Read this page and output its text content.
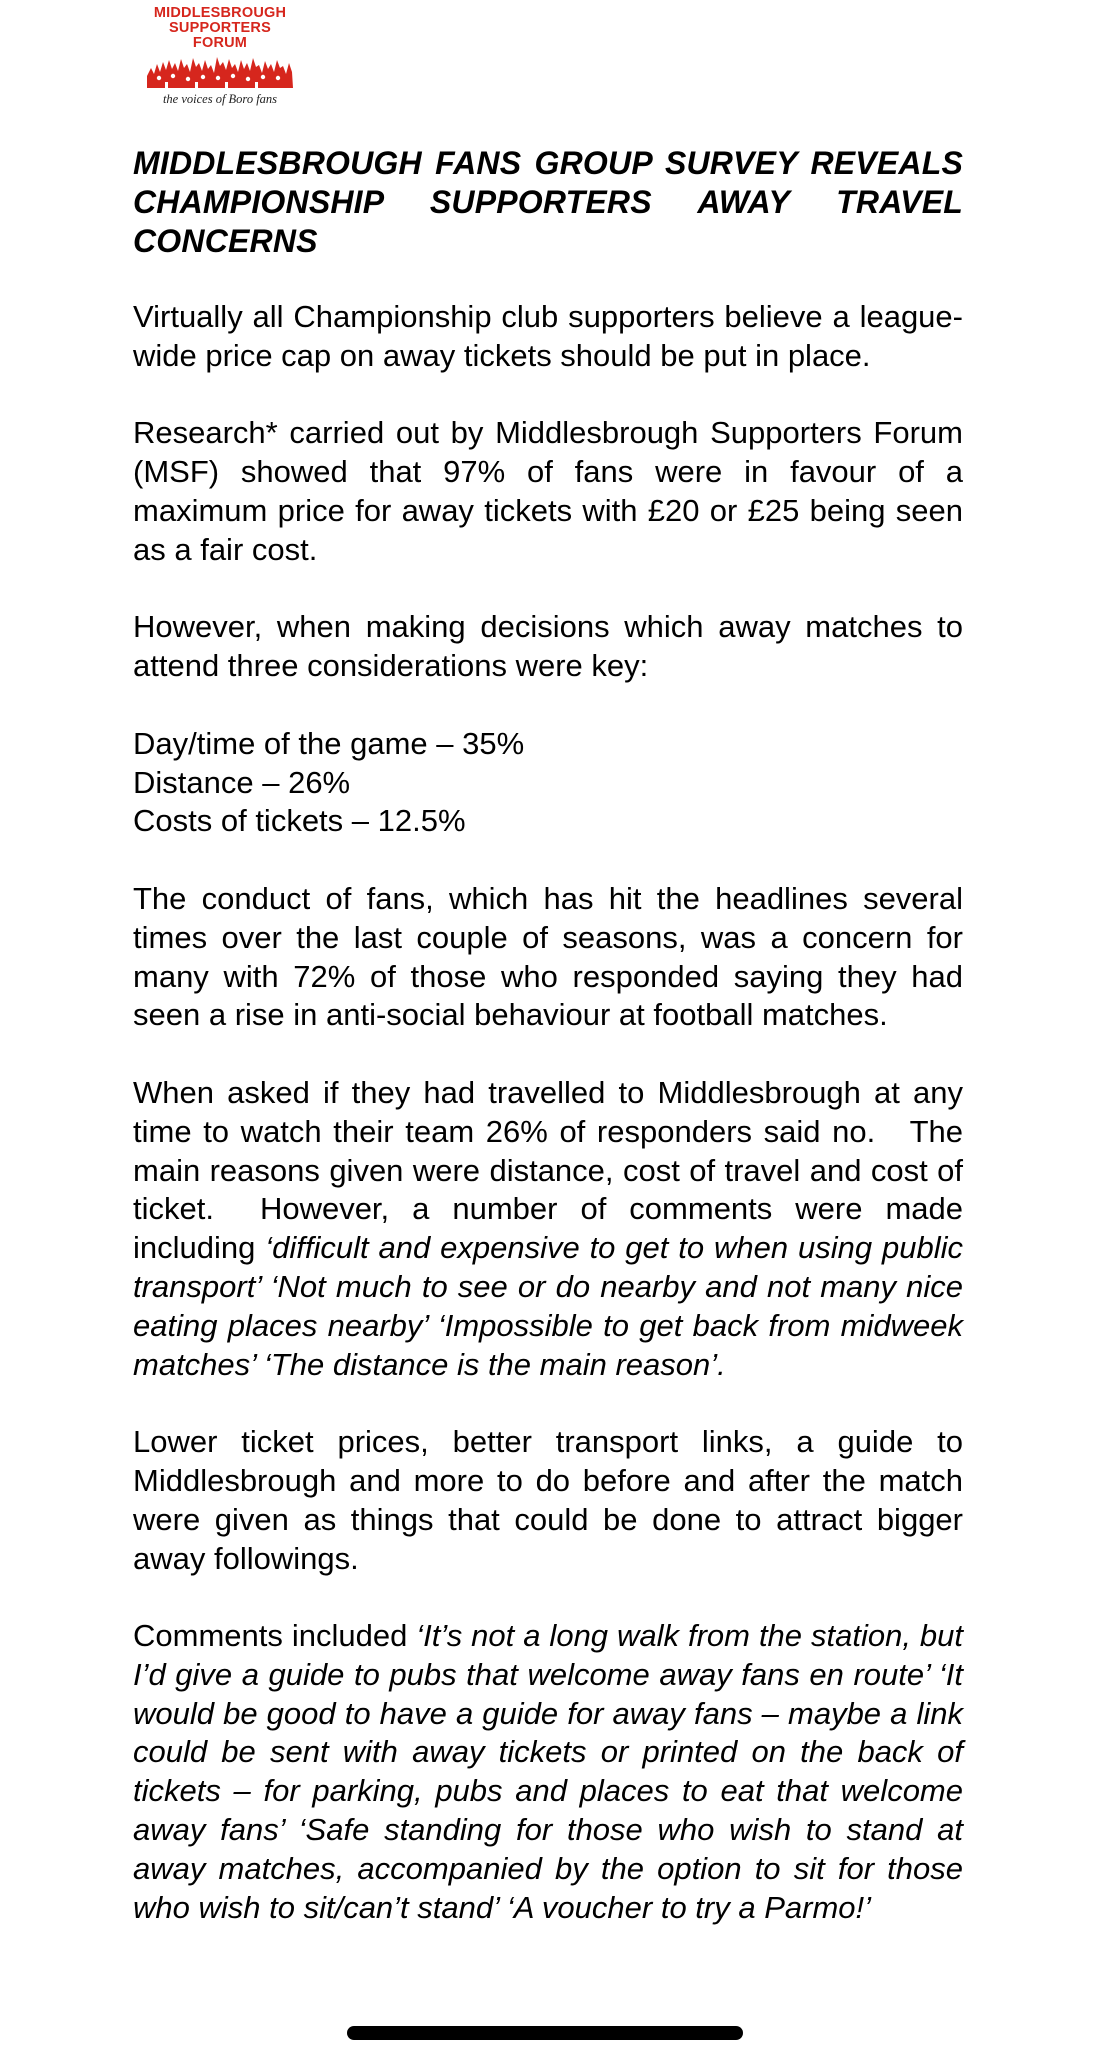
MIDDLESBROUGH
SUPPORTERS FORUM
the voices of Boro fans
MIDDLESBROUGH FANS GROUP SURVEY REVEALS CHAMPIONSHIP SUPPORTERS AWAY TRAVEL CONCERNS

Virtually all Championship club supporters believe a league-wide price cap on away tickets should be put in place.

Research* carried out by Middlesbrough Supporters Forum (MSF) showed that 97% of fans were in favour of a maximum price for away tickets with £20 or £25 being seen as a fair cost.

However, when making decisions which away matches to attend three considerations were key:

Day/time of the game – 35%

Distance – 26%

Costs of tickets – 12.5%

The conduct of fans, which has hit the headlines several times over the last couple of seasons, was a concern for many with 72% of those who responded saying they had seen a rise in anti-social behaviour at football matches.

When asked if they had travelled to Middlesbrough at any time to watch their team 26% of responders said no.   The main reasons given were distance, cost of travel and cost of ticket.  However, a number of comments were made including ‘difficult and expensive to get to when using public transport’ ‘Not much to see or do nearby and not many nice eating places nearby’ ‘Impossible to get back from midweek matches’ ‘The distance is the main reason’.

Lower ticket prices, better transport links, a guide to Middlesbrough and more to do before and after the match were given as things that could be done to attract bigger away followings.

Comments included ‘It’s not a long walk from the station, but I’d give a guide to pubs that welcome away fans en route’ ‘It would be good to have a guide for away fans – maybe a link could be sent with away tickets or printed on the back of tickets – for parking, pubs and places to eat that welcome away fans’ ‘Safe standing for those who wish to stand at away matches, accompanied by the option to sit for those who wish to sit/can’t stand’ ‘A voucher to try a Parmo!’
